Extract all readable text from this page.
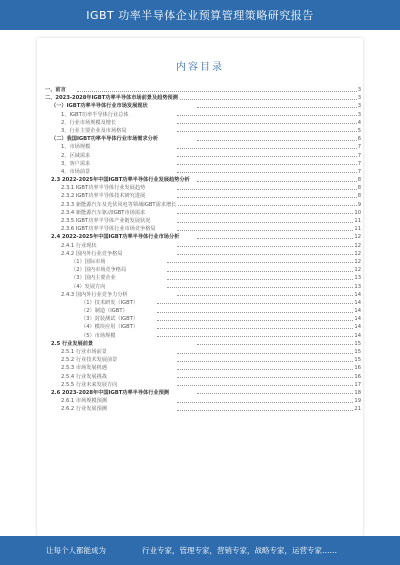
IGBT 功率半导体企业预算管理策略研究报告
内容目录
一、前言	3
二、2023-2028年IGBT功率半导体市场前景及趋势预测	3
（一）IGBT功率半导体行业市场发展现状	3
1、IGBT功率半导体行业总体	3
2、行业市场规模及增长	4
3、行业主要企业及市场格局	5
（二）我国IGBT功率半导体行业市场需求分析	6
1、市场规模	7
2、区域需求	7
3、客户需求	7
4、市场前景	7
2.3 2022-2025年中国IGBT功率半导体行业发展趋势分析	8
2.3.1 IGBT功率半导体行业发展趋势	8
2.3.2 IGBT功率半导体技术研究进展	8
2.3.3 新能源汽车及光伏风电等领域IGBT需求增长	9
2.3.4 新能源汽车驱动IGBT市场需求	10
2.3.5 IGBT功率半导体产业链发展状况	11
2.3.6 IGBT功率半导体行业市场竞争格局	11
2.4 2022-2025年中国IGBT功率半导体行业市场分析	12
2.4.1 行业现状	12
2.4.2 国内外行业竞争格局	12
（1）国际市场	12
（2）国内市场竞争格局	12
（3）国内主要企业	13
（4）发展方向	13
2.4.3 国内外行业竞争力分析	14
（1）技术研发（IGBT）	14
（2）制造（IGBT）	14
（3）封装测试（IGBT）	14
（4）模块应用（IGBT）	14
（5）市场规模	14
2.5 行业发展前景	15
2.5.1 行业市场前景	15
2.5.2 行业技术发展前景	15
2.5.3 市场发展机遇	16
2.5.4 行业发展挑战	16
2.5.5 行业未来发展方向	17
2.6 2023-2028年中国IGBT功率半导体行业预测	18
2.6.1 市场规模预测	19
2.6.2 行业发展预测	21
让每个人都能成为	行业专家，管理专家，营销专家，战略专家，运营专家……
